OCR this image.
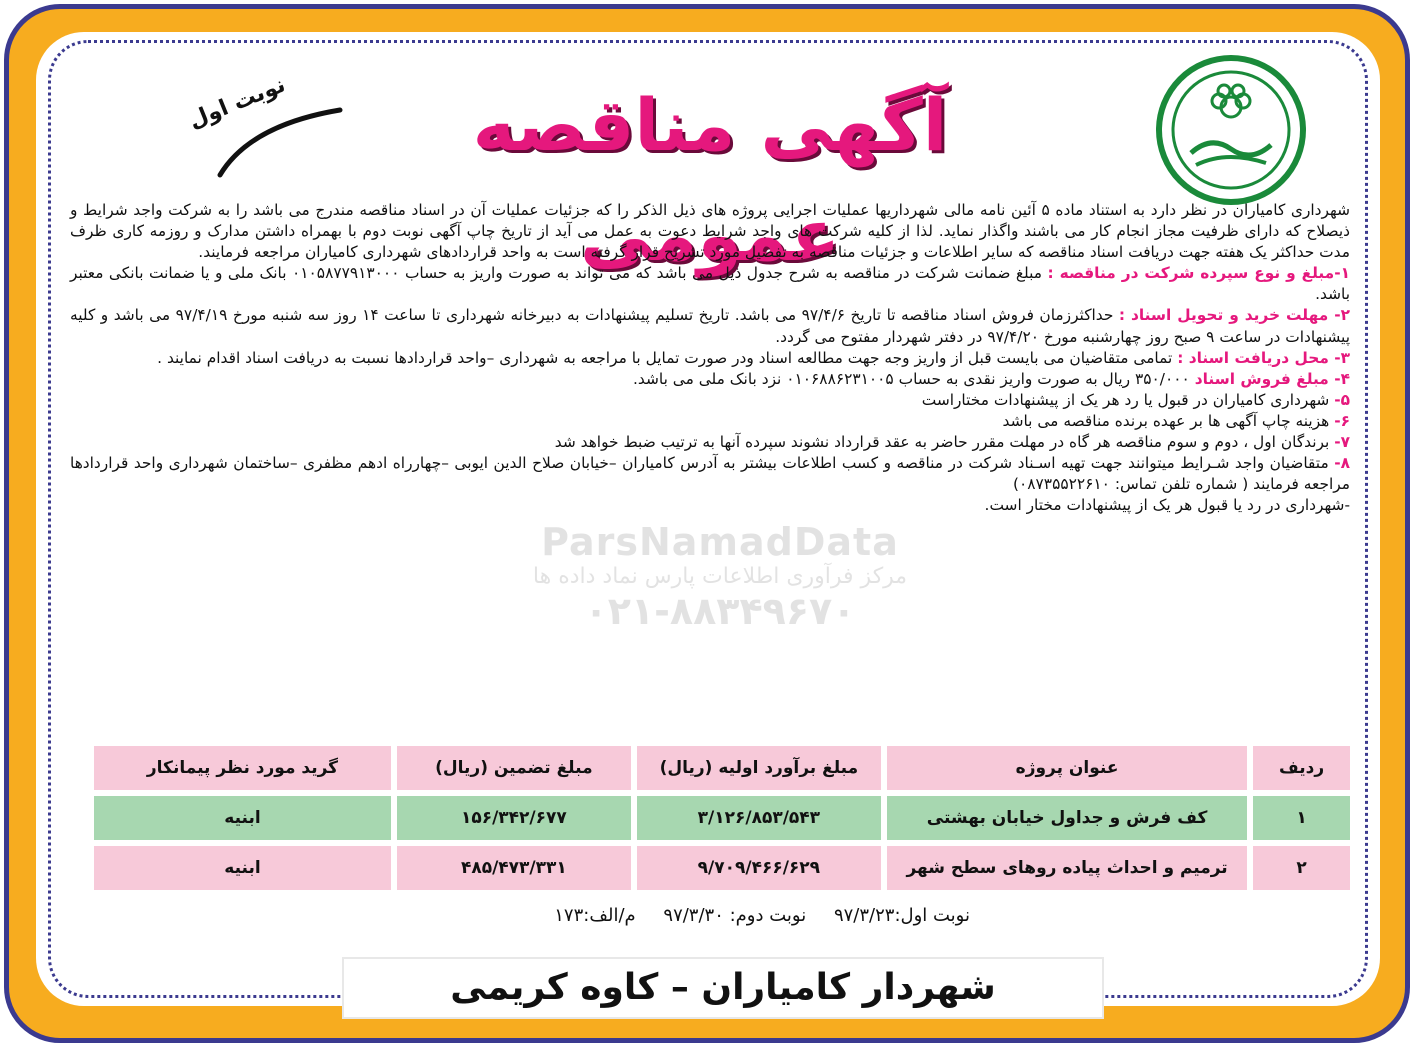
آگهی مناقصه عمومی
نوبت اول

شهرداری کامیاران در نظر دارد به استناد ماده ۵ آئین نامه مالی شهرداریها عملیات اجرایی پروژه های ذیل الذکر را که جزئیات عملیات آن در اسناد مناقصه مندرج می باشد را به شرکت واجد شرایط و ذیصلاح که دارای ظرفیت مجاز انجام کار می باشند واگذار نماید. لذا از کلیه شرکت های واجد شرایط دعوت به عمل می آید از تاریخ چاپ آگهی نوبت دوم با بهمراه داشتن مدارک و روزمه کاری ظرف مدت حداکثر یک هفته جهت دریافت اسناد مناقصه که سایر اطلاعات و جزئیات مناقصه به تفصیل مورد تشریح قرار گرفته است به واحد قراردادهای شهرداری کامیاران مراجعه فرمایند.

۱-مبلغ و نوع سپرده شرکت در مناقصه : مبلغ ضمانت شرکت در مناقصه به شرح جدول ذیل می باشد که می تواند به صورت واریز به حساب ۰۱۰۵۸۷۷۹۱۳۰۰۰ بانک ملی و یا ضمانت بانکی معتبر باشد.

۲- مهلت خرید و تحویل اسناد : حداکثرزمان فروش اسناد مناقصه تا تاریخ ۹۷/۴/۶ می باشد. تاریخ تسلیم پیشنهادات به دبیرخانه شهرداری تا ساعت ۱۴ روز سه شنبه مورخ ۹۷/۴/۱۹ می باشد و کلیه پیشنهادات در ساعت ۹ صبح روز چهارشنبه مورخ ۹۷/۴/۲۰ در دفتر شهردار مفتوح می گردد.

۳- محل دریافت اسناد : تمامی متقاضیان می بایست قبل از واریز وجه جهت مطالعه اسناد ودر صورت تمایل با مراجعه به شهرداری –واحد قراردادها نسبت به دریافت اسناد اقدام نمایند .

۴- مبلغ فروش اسناد ۳۵۰/۰۰۰ ریال به صورت واریز نقدی به حساب ۰۱۰۶۸۸۶۲۳۱۰۰۵ نزد بانک ملی می باشد.

۵- شهرداری کامیاران در قبول یا رد هر یک از پیشنهادات مختاراست

۶- هزینه چاپ آگهی ها بر عهده برنده مناقصه می باشد

۷- برندگان اول ، دوم و سوم مناقصه هر گاه در مهلت مقرر حاضر به عقد قرارداد نشوند سپرده آنها به ترتیب ضبط خواهد شد

۸- متقاضیان واجد شـرایط میتوانند جهت تهیه اسـناد شرکت در مناقصه و کسب اطلاعات بیشتر به آدرس کامیاران –خیابان صلاح الدین ایوبی –چهارراه ادهم مظفری –ساختمان شهرداری واحد قراردادها مراجعه فرمایند ( شماره تلفن تماس: ۰۸۷۳۵۵۲۲۶۱۰)

-شهرداری در رد یا قبول هر یک از پیشنهادات مختار است.

ردیف	عنوان پروژه	مبلغ برآورد اولیه (ریال)	مبلغ تضمین (ریال)	گرید مورد نظر پیمانکار
۱	کف فرش و جداول خیابان بهشتی	۳/۱۲۶/۸۵۳/۵۴۳	۱۵۶/۳۴۲/۶۷۷	ابنیه
۲	ترمیم و احداث پیاده روهای سطح شهر	۹/۷۰۹/۴۶۶/۶۲۹	۴۸۵/۴۷۳/۳۳۱	ابنیه
نوبت اول:۹۷/۳/۲۳ نوبت دوم: ۹۷/۳/۳۰ م/الف:۱۷۳
شهردار کامیاران – کاوه کریمی
